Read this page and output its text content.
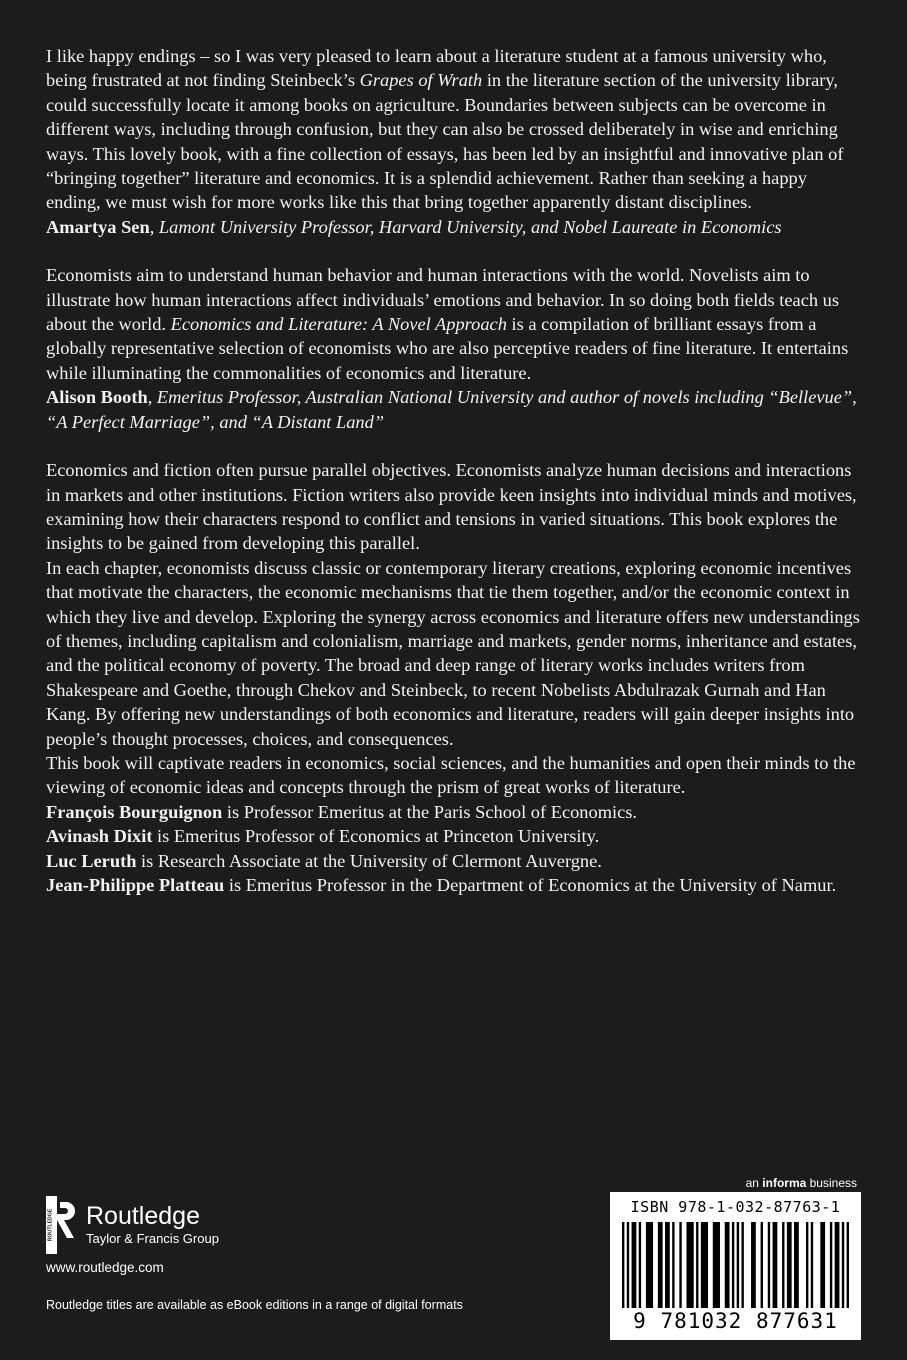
I like happy endings – so I was very pleased to learn about a literature student at a famous university who, being frustrated at not finding Steinbeck’s Grapes of Wrath in the literature section of the university library, could successfully locate it among books on agriculture. Boundaries between subjects can be overcome in different ways, including through confusion, but they can also be crossed deliberately in wise and enriching ways. This lovely book, with a fine collection of essays, has been led by an insightful and innovative plan of “bringing together” literature and economics. It is a splendid achievement. Rather than seeking a happy ending, we must wish for more works like this that bring together apparently distant disciplines.

Amartya Sen, Lamont University Professor, Harvard University, and Nobel Laureate in Economics

Economists aim to understand human behavior and human interactions with the world. Novelists aim to illustrate how human interactions affect individuals’ emotions and behavior. In so doing both fields teach us about the world. Economics and Literature: A Novel Approach is a compilation of brilliant essays from a globally representative selection of economists who are also perceptive readers of fine literature. It entertains while illuminating the commonalities of economics and literature.

Alison Booth, Emeritus Professor, Australian National University and author of novels including “Bellevue”, “A Perfect Marriage”, and “A Distant Land”

Economics and fiction often pursue parallel objectives. Economists analyze human decisions and interactions in markets and other institutions. Fiction writers also provide keen insights into individual minds and motives, examining how their characters respond to conflict and tensions in varied situations. This book explores the insights to be gained from developing this parallel.

In each chapter, economists discuss classic or contemporary literary creations, exploring economic incentives that motivate the characters, the economic mechanisms that tie them together, and/or the economic context in which they live and develop. Exploring the synergy across economics and literature offers new understandings of themes, including capitalism and colonialism, marriage and markets, gender norms, inheritance and estates, and the political economy of poverty. The broad and deep range of literary works includes writers from Shakespeare and Goethe, through Chekov and Steinbeck, to recent Nobelists Abdulrazak Gurnah and Han Kang. By offering new understandings of both economics and literature, readers will gain deeper insights into people’s thought processes, choices, and consequences.

This book will captivate readers in economics, social sciences, and the humanities and open their minds to the viewing of economic ideas and concepts through the prism of great works of literature.

François Bourguignon is Professor Emeritus at the Paris School of Economics.

Avinash Dixit is Emeritus Professor of Economics at Princeton University.

Luc Leruth is Research Associate at the University of Clermont Auvergne.

Jean-Philippe Platteau is Emeritus Professor in the Department of Economics at the University of Namur.

ROUTLEDGE Routledge
Taylor & Francis Group
www.routledge.com
Routledge titles are available as eBook editions in a range of digital formats
an informa business
ISBN 978-1-032-87763-1
9 781032 877631
